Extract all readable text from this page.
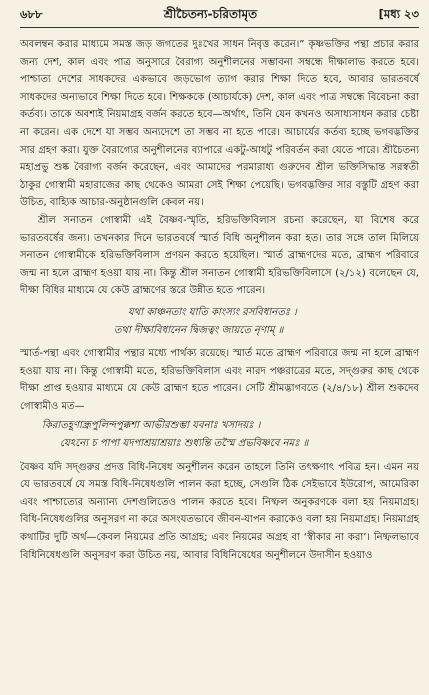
৬৮৮	শ্রীচৈতন্য-চরিতামৃত	[মধ্য ২৩

অবলম্বন করার মাধ্যমে সমস্ত জড় জগতের দুঃখের সাধন নিবৃত্ত করেন।” কৃষ্ণভক্তির পন্থা প্রচার করার জন্য দেশ, কাল এবং পাত্র অনুসারে বৈরাগ্য অনুশীলনের সম্ভাবনা সম্বন্ধে দীক্ষালাভ করতে হবে। পাশ্চাত্য দেশের সাধকদের একভাবে জড়ভোগ ত্যাগ করার শিক্ষা দিতে হবে, আবার ভারতবর্ষে সাধকদের অন্যভাবে শিক্ষা দিতে হবে। শিক্ষককে (আচার্যকে) দেশ, কাল এবং পাত্র সম্বন্ধে বিবেচনা করা কর্তব্য। তাকে অবশ্যই নিয়মাগ্রহ বর্জন করতে হবে—অর্থাৎ, তিনি যেন কখনও অসাধ্যসাধন করার চেষ্টা না করেন। এক দেশে যা সম্ভব অন্যদেশে তা সম্ভব না হতে পারে। আচার্যের কর্তব্য হচ্ছে ভগবদ্ভক্তির সার গ্রহণ করা। যুক্ত বৈরাগ্যের অনুশীলনের ব্যাপারে একটু-আধটু পরিবর্তন করা যেতে পারে। শ্রীচৈতন্য মহাপ্রভু শুষ্ক বৈরাগ্য বর্জন করেছেন, এবং আমাদের পরমারাধ্য গুরুদেব শ্রীল ভক্তিসিদ্ধান্ত সরস্বতী ঠাকুর গোস্বামী মহারাজের কাছ থেকেও আমরা সেই শিক্ষা পেয়েছি। ভগবদ্ভক্তির সার বস্তুটি গ্রহণ করা উচিত, বাহ্যিক আচার-অনুষ্ঠানগুলি কেবল নয়।

শ্রীল সনাতন গোস্বামী এই বৈষ্ণব-স্মৃতি, হরিভক্তিবিলাস রচনা করেছেন, যা বিশেষ করে ভারতবর্ষের জন্য। তখনকার দিনে ভারতবর্ষে স্মার্ত বিধি অনুশীলন করা হত। তার সঙ্গে তাল মিলিয়ে সনাতন গোস্বামীকে হরিভক্তিবিলাস প্রণয়ন করতে হয়েছিল। স্মার্ত ব্রাহ্মণদের মতে, ব্রাহ্মণ পরিবারে জন্ম না হলে ব্রাহ্মণ হওয়া যায় না। কিন্তু শ্রীল সনাতন গোস্বামী হরিভক্তিবিলাসে (২/১২) বলেছেন যে, দীক্ষা বিধির মাধ্যমে যে কেউ ব্রাহ্মণের স্তরে উন্নীত হতে পারেন।

যথা কাঞ্চনতাং যাতি কাংস্যং রসবিধানতঃ ।
তথা দীক্ষাবিধানেন দ্বিজত্বং জায়তে নৃণাম্‌ ॥

স্মার্ত-পন্থা এবং গোস্বামীর পন্থার মধ্যে পার্থক্য রয়েছে। স্মার্ত মতে ব্রাহ্মণ পরিবারে জন্ম না হলে ব্রাহ্মণ হওয়া যায় না। কিন্তু গোস্বামী মতে, হরিভক্তিবিলাস এবং নারদ পঞ্চরাত্রের মতে, সদ্গুরুর কাছ থেকে দীক্ষা প্রাপ্ত হওয়ার মাধ্যমে যে কেউ ব্রাহ্মণ হতে পারেন। সেটি শ্রীমদ্ভাগবতে (২/৪/১৮) শ্রীল শুকদেব গোস্বামীও মত—

কিরাতহূণান্ধ্রপুলিন্দপুক্কশা আভীরশুম্ভা যবনাঃ খসাদয়ঃ ।
যেঽন্যে চ পাপা যদপাশ্রয়াশ্রয়াঃ শুধ্যন্তি তস্মৈ প্রভবিষ্ণবে নমঃ ॥

বৈষ্ণব যদি সদ্গুরুর প্রদত্ত বিধি-নিষেধ অনুশীলন করেন তাহলে তিনি তৎক্ষণাৎ পবিত্র হন। এমন নয় যে ভারতবর্ষে যে সমস্ত বিধি-নিষেধগুলি পালন করা হচ্ছে, সেগুলি ঠিক সেইভাবে ইউরোপ, আমেরিকা এবং পাশ্চাত্যের অন্যান্য দেশগুলিতেও পালন করতে হবে। নিষ্ফল অনুকরণকে বলা হয় নিয়মাগ্রহ। বিধি-নিষেধগুলির অনুসরণ না করে অসংযতভাবে জীবন-যাপন করাকেও বলা হয় নিয়মাগ্রহ। নিয়মাগ্রহ কথাটির দুটি অর্থ—কেবল নিয়মের প্রতি আগ্রহ; এবং নিয়মের অগ্রহ বা ‘স্বীকার না করা’। নিষ্ফলভাবে বিধিনিষেধগুলি অনুসরণ করা উচিত নয়, আবার বিধিনিষেধের অনুশীলনে উদাসীন হওয়াও
